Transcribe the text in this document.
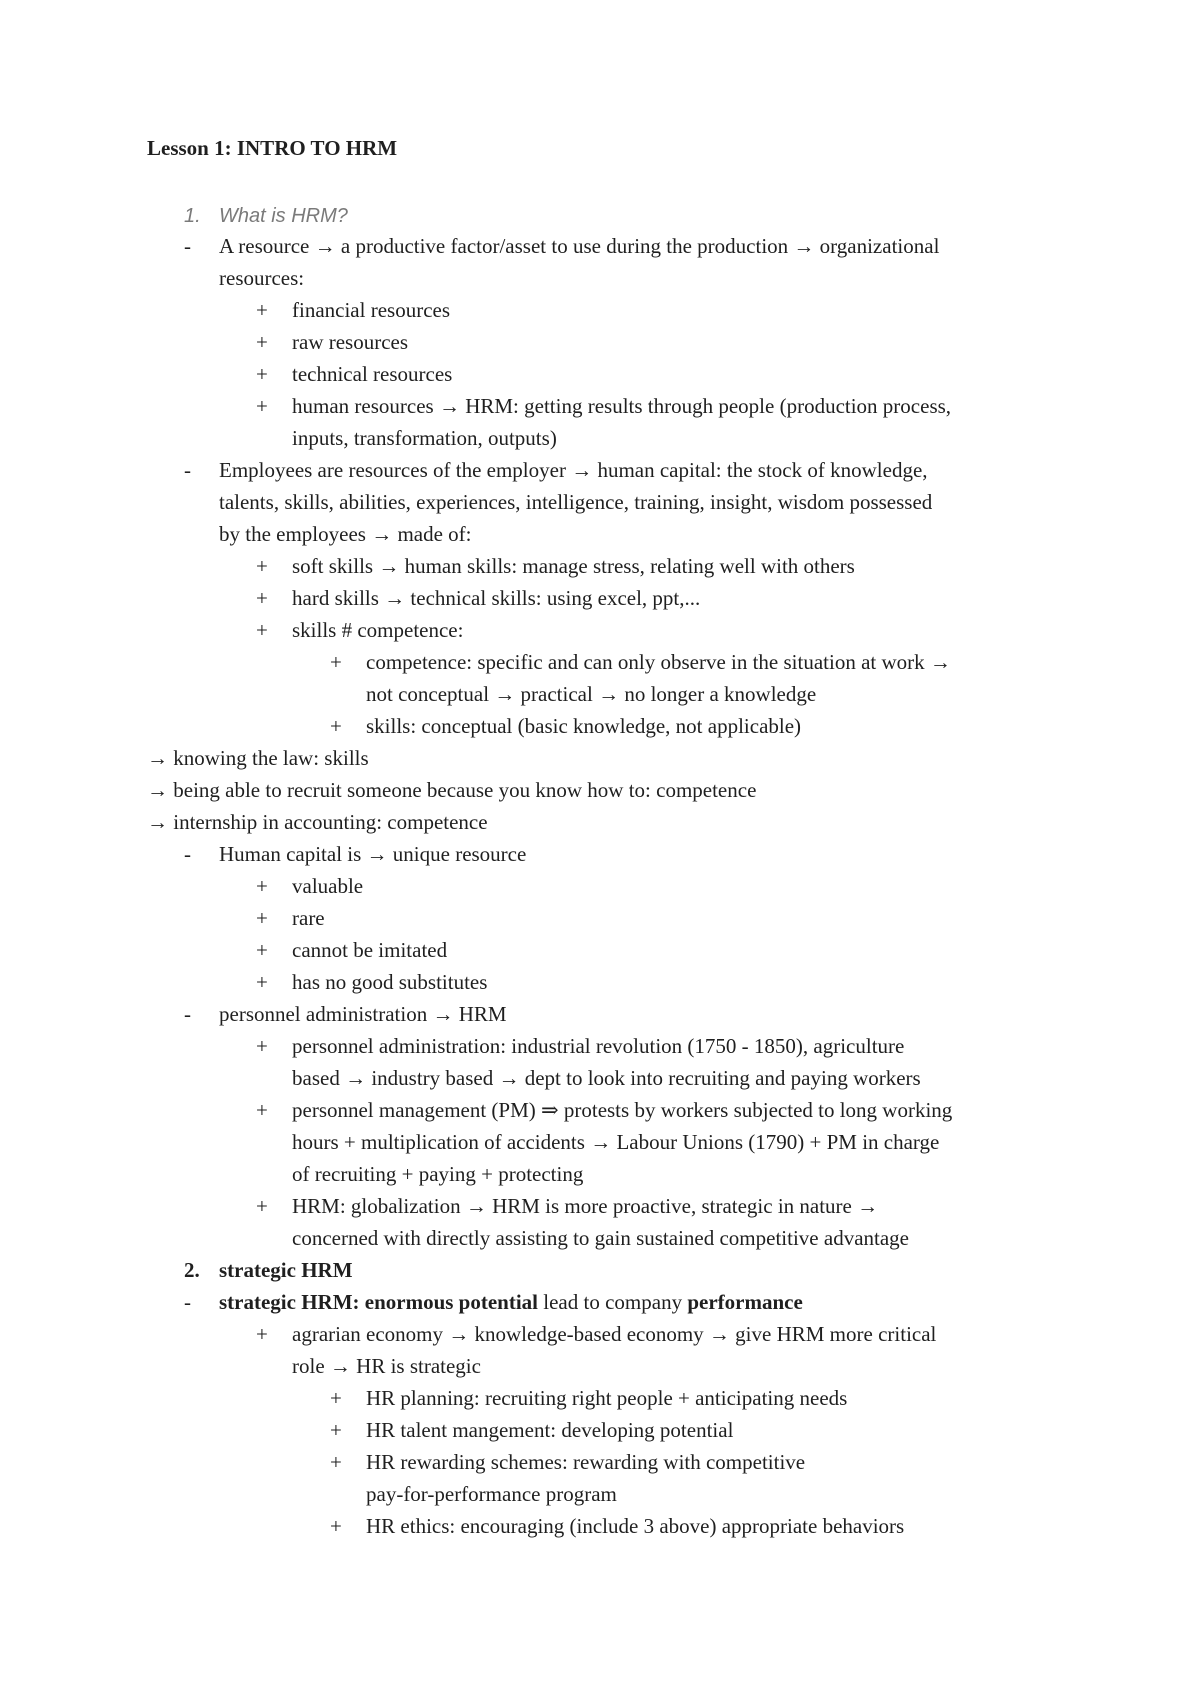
Lesson 1: INTRO TO HRM
1. What is HRM?
- A resource → a productive factor/asset to use during the production → organizational
resources:
+ financial resources
+ raw resources
+ technical resources
+ human resources → HRM: getting results through people (production process,
inputs, transformation, outputs)
- Employees are resources of the employer → human capital: the stock of knowledge,
talents, skills, abilities, experiences, intelligence, training, insight, wisdom possessed
by the employees → made of:
+ soft skills → human skills: manage stress, relating well with others
+ hard skills → technical skills: using excel, ppt,...
+ skills # competence:
+ competence: specific and can only observe in the situation at work →
not conceptual → practical → no longer a knowledge
+ skills: conceptual (basic knowledge, not applicable)
→ knowing the law: skills
→ being able to recruit someone because you know how to: competence
→ internship in accounting: competence
- Human capital is → unique resource
+ valuable
+ rare
+ cannot be imitated
+ has no good substitutes
- personnel administration → HRM
+ personnel administration: industrial revolution (1750 - 1850), agriculture
based → industry based → dept to look into recruiting and paying workers
+ personnel management (PM) ⇒ protests by workers subjected to long working
hours + multiplication of accidents → Labour Unions (1790) + PM in charge
of recruiting + paying + protecting
+ HRM: globalization → HRM is more proactive, strategic in nature →
concerned with directly assisting to gain sustained competitive advantage
2. strategic HRM
- strategic HRM: enormous potential lead to company performance
+ agrarian economy → knowledge-based economy → give HRM more critical
role → HR is strategic
+ HR planning: recruiting right people + anticipating needs
+ HR talent mangement: developing potential
+ HR rewarding schemes: rewarding with competitive
pay-for-performance program
+ HR ethics: encouraging (include 3 above) appropriate behaviors
